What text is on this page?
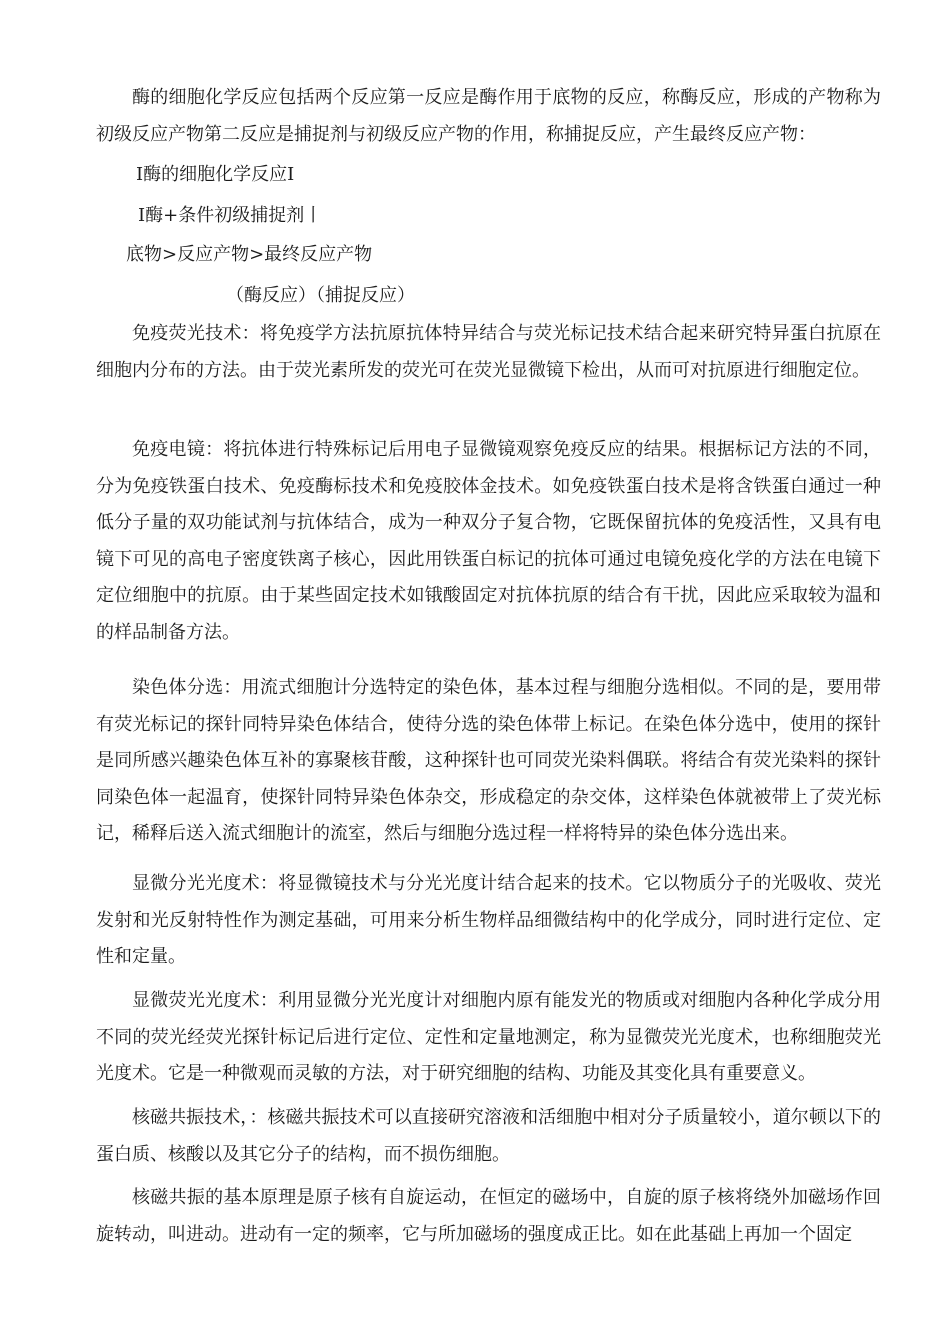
酶的细胞化学反应包括两个反应第一反应是酶作用于底物的反应，称酶反应，形成的产物称为初级反应产物第二反应是捕捉剂与初级反应产物的作用，称捕捉反应，产生最终反应产物：

Ⅰ酶的细胞化学反应Ⅰ
Ⅰ酶+条件初级捕捉剂丨
底物>反应产物>最终反应产物
（酶反应）（捕捉反应）

免疫荧光技术：将免疫学方法抗原抗体特异结合与荧光标记技术结合起来研究特异蛋白抗原在细胞内分布的方法。由于荧光素所发的荧光可在荧光显微镜下检出，从而可对抗原进行细胞定位。

免疫电镜：将抗体进行特殊标记后用电子显微镜观察免疫反应的结果。根据标记方法的不同，分为免疫铁蛋白技术、免疫酶标技术和免疫胶体金技术。如免疫铁蛋白技术是将含铁蛋白通过一种低分子量的双功能试剂与抗体结合，成为一种双分子复合物，它既保留抗体的免疫活性，又具有电镜下可见的高电子密度铁离子核心，因此用铁蛋白标记的抗体可通过电镜免疫化学的方法在电镜下定位细胞中的抗原。由于某些固定技术如锇酸固定对抗体抗原的结合有干扰，因此应采取较为温和的样品制备方法。

染色体分选：用流式细胞计分选特定的染色体，基本过程与细胞分选相似。不同的是，要用带有荧光标记的探针同特异染色体结合，使待分选的染色体带上标记。在染色体分选中，使用的探针是同所感兴趣染色体互补的寡聚核苷酸，这种探针也可同荧光染料偶联。将结合有荧光染料的探针同染色体一起温育，使探针同特异染色体杂交，形成稳定的杂交体，这样染色体就被带上了荧光标记，稀释后送入流式细胞计的流室，然后与细胞分选过程一样将特异的染色体分选出来。

显微分光光度术：将显微镜技术与分光光度计结合起来的技术。它以物质分子的光吸收、荧光发射和光反射特性作为测定基础，可用来分析生物样品细微结构中的化学成分，同时进行定位、定性和定量。

显微荧光光度术：利用显微分光光度计对细胞内原有能发光的物质或对细胞内各种化学成分用不同的荧光经荧光探针标记后进行定位、定性和定量地测定，称为显微荧光光度术，也称细胞荧光光度术。它是一种微观而灵敏的方法，对于研究细胞的结构、功能及其变化具有重要意义。

核磁共振技术，：核磁共振技术可以直接研究溶液和活细胞中相对分子质量较小，道尔顿以下的蛋白质、核酸以及其它分子的结构，而不损伤细胞。

核磁共振的基本原理是原子核有自旋运动，在恒定的磁场中，自旋的原子核将绕外加磁场作回旋转动，叫进动。进动有一定的频率，它与所加磁场的强度成正比。如在此基础上再加一个固定
